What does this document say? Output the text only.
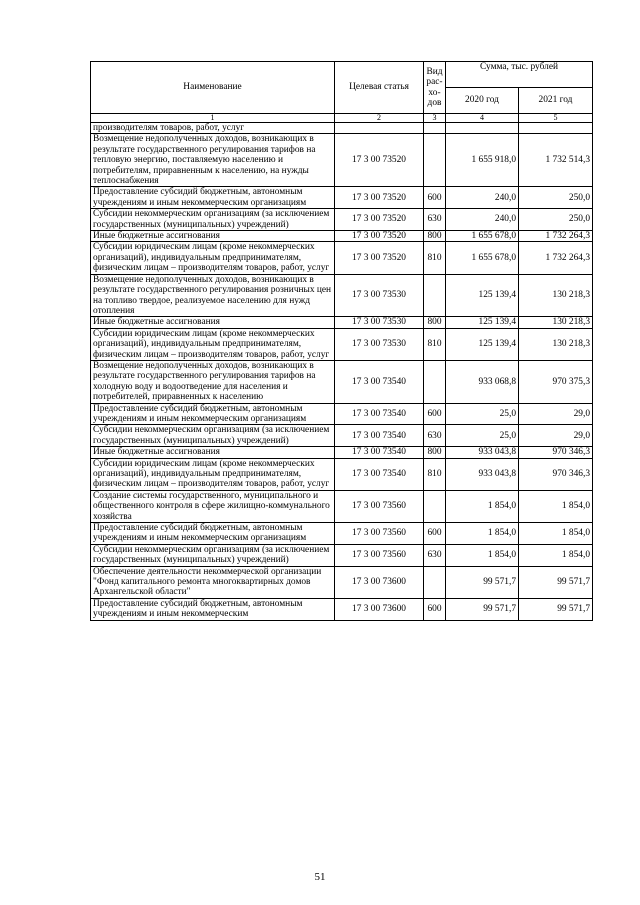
Наименование	Целевая статья	Вид рас-хо-дов	Сумма, тыс. рублей	
			2020 год	2021 год
1	2	3	4	5
производителям товаров, работ, услуг				
Возмещение недополученных доходов, возникающих в результате государственного регулирования тарифов на тепловую энергию, поставляемую населению и потребителям, приравненным к населению, на нужды теплоснабжения	17 3 00 73520		1 655 918,0	1 732 514,3
Предоставление субсидий бюджетным, автономным учреждениям и иным некоммерческим организациям	17 3 00 73520	600	240,0	250,0
Субсидии некоммерческим организациям (за исключением государственных (муниципальных) учреждений)	17 3 00 73520	630	240,0	250,0
Иные бюджетные ассигнования	17 3 00 73520	800	1 655 678,0	1 732 264,3
Субсидии юридическим лицам (кроме некоммерческих организаций), индивидуальным предпринимателям, физическим лицам – производителям товаров, работ, услуг	17 3 00 73520	810	1 655 678,0	1 732 264,3
Возмещение недополученных доходов, возникающих в результате государственного регулирования розничных цен на топливо твердое, реализуемое населению для нужд отопления	17 3 00 73530		125 139,4	130 218,3
Иные бюджетные ассигнования	17 3 00 73530	800	125 139,4	130 218,3
Субсидии юридическим лицам (кроме некоммерческих организаций), индивидуальным предпринимателям, физическим лицам – производителям товаров, работ, услуг	17 3 00 73530	810	125 139,4	130 218,3
Возмещение недополученных доходов, возникающих в результате государственного регулирования тарифов на холодную воду и водоотведение для населения и потребителей, приравненных к населению	17 3 00 73540		933 068,8	970 375,3
Предоставление субсидий бюджетным, автономным учреждениям и иным некоммерческим организациям	17 3 00 73540	600	25,0	29,0
Субсидии некоммерческим организациям (за исключением государственных (муниципальных) учреждений)	17 3 00 73540	630	25,0	29,0
Иные бюджетные ассигнования	17 3 00 73540	800	933 043,8	970 346,3
Субсидии юридическим лицам (кроме некоммерческих организаций), индивидуальным предпринимателям, физическим лицам – производителям товаров, работ, услуг	17 3 00 73540	810	933 043,8	970 346,3
Создание системы государственного, муниципального и общественного контроля в сфере жилищно-коммунального хозяйства	17 3 00 73560		1 854,0	1 854,0
Предоставление субсидий бюджетным, автономным учреждениям и иным некоммерческим организациям	17 3 00 73560	600	1 854,0	1 854,0
Субсидии некоммерческим организациям (за исключением государственных (муниципальных) учреждений)	17 3 00 73560	630	1 854,0	1 854,0
Обеспечение деятельности некоммерческой организации "Фонд капитального ремонта многоквартирных домов Архангельской области"	17 3 00 73600		99 571,7	99 571,7
Предоставление субсидий бюджетным, автономным учреждениям и иным некоммерческим	17 3 00 73600	600	99 571,7	99 571,7
51
